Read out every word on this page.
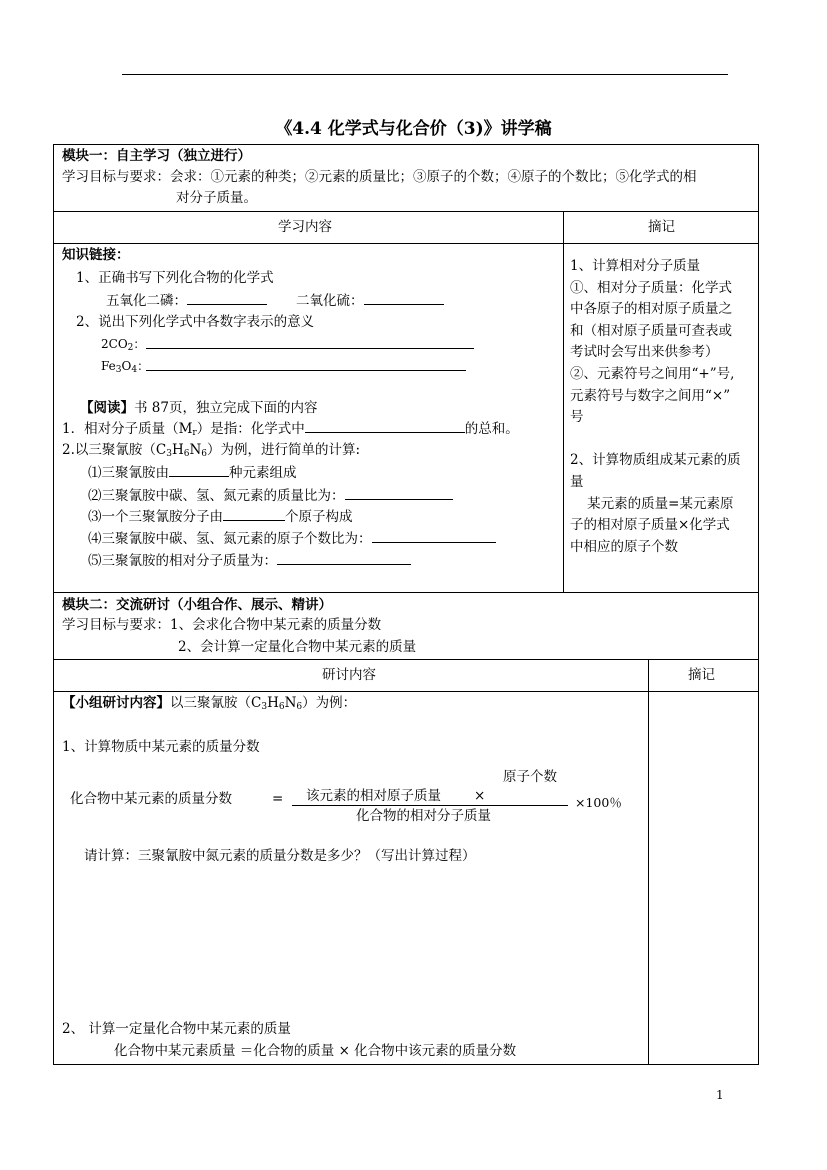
《4.4 化学式与化合价（3)》讲学稿
模块一：自主学习（独立进行）
学习目标与要求：会求：①元素的种类；②元素的质量比；③原子的个数；④原子的个数比；⑤化学式的相
对分子质量。
学习内容	摘记
知识链接：
1、正确书写下列化合物的化学式
五氧化二磷：	二氧化硫：
2、说出下列化学式中各数字表示的意义
$2CO_2$：
$Fe_3O_4$：
【阅读】书 87页，独立完成下面的内容
1．相对分子质量$(M_r)$是指：化学式中	的总和。
2.以三聚氰胺$(C_3H_6N_6)$为例，进行简单的计算:
⑴三聚氰胺由	种元素组成
⑵三聚氰胺中碳、氢、氮元素的质量比为：
⑶一个三聚氰胺分子由	个原子构成
⑷三聚氰胺中碳、氢、氮元素的原子个数比为：
⑸三聚氰胺的相对分子质量为：
1、计算相对分子质量
①、相对分子质量：化学式
中各原子的相对原子质量之
和（相对原子质量可查表或
考试时会写出来供参考）
②、元素符号之间用“+”号,
元素符号与数字之间用“×”
号
2、计算物质组成某元素的质
量
某元素的质量=某元素原
子的相对原子质量×化学式
中相应的原子个数
模块二：交流研讨（小组合作、展示、精讲）
学习目标与要求：1、会求化合物中某元素的质量分数
2、会计算一定量化合物中某元素的质量
研讨内容	摘记
【小组研讨内容】以三聚氰胺$(C_3H_6N_6)$为例：
1、计算物质中某元素的质量分数
化合物中某元素的质量分数	=
原子个数
该元素的相对原子质量 ×
化合物的相对分子质量
×100％
请计算：三聚氰胺中氮元素的质量分数是多少？（写出计算过程）
2、 计算一定量化合物中某元素的质量
化合物中某元素质量 ＝化合物的质量 × 化合物中该元素的质量分数
1
